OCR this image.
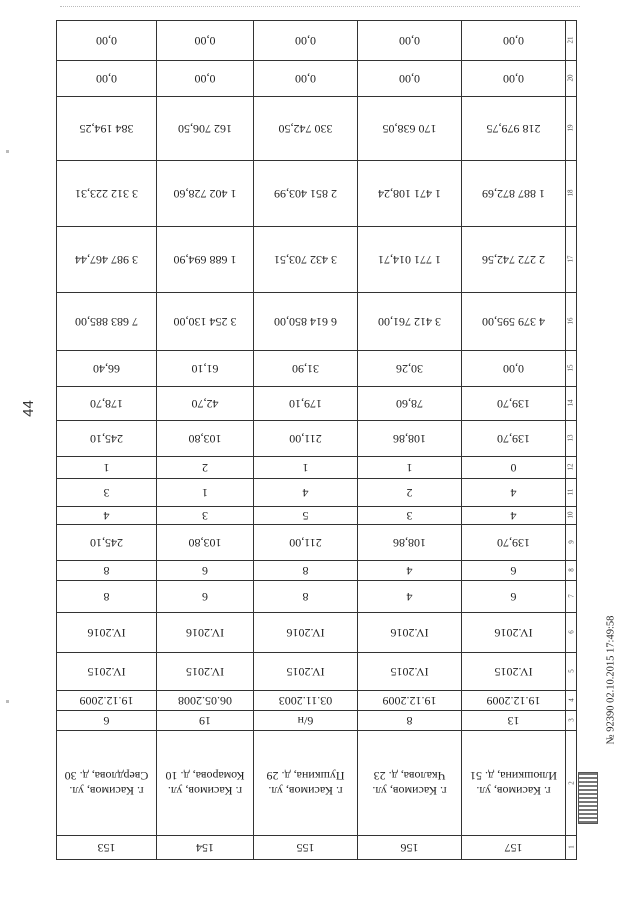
44
1	157	156	155	154	153
2	г. Касимов, ул. Илюшкина, д. 51	г. Касимов, ул. Чкалова, д. 23	г. Касимов, ул. Пушкина, д. 29	г. Касимов, ул. Комарова, д. 10	г. Касимов, ул. Свердлова, д. 30
3	13	8	6/н	19	6
4	19.12.2009	19.12.2009	03.11.2003	06.05.2008	19.12.2009
5	IV.2015	IV.2015	IV.2015	IV.2015	IV.2015
6	IV.2016	IV.2016	IV.2016	IV.2016	IV.2016
7	6	4	8	6	8
8	6	4	8	6	8
9	139,70	108,86	211,00	103,80	245,10
10	4	3	5	3	4
11	4	2	4	1	3
12	0	1	1	2	1
13	139,70	108,86	211,00	103,80	245,10
14	139,70	78,60	179,10	42,70	178,70
15	0,00	30,26	31,90	61,10	66,40
16	4 379 595,00	3 412 761,00	6 614 850,00	3 254 130,00	7 683 885,00
17	2 272 742,56	1 771 014,71	3 432 703,51	1 688 694,90	3 987 467,44
18	1 887 872,69	1 471 108,24	2 851 403,99	1 402 728,60	3 312 223,31
19	218 979,75	170 638,05	330 742,50	162 706,50	384 194,25
20	0,00	0,00	0,00	0,00	0,00
21	0,00	0,00	0,00	0,00	0,00
№ 92390 02.10.2015 17:49:58
